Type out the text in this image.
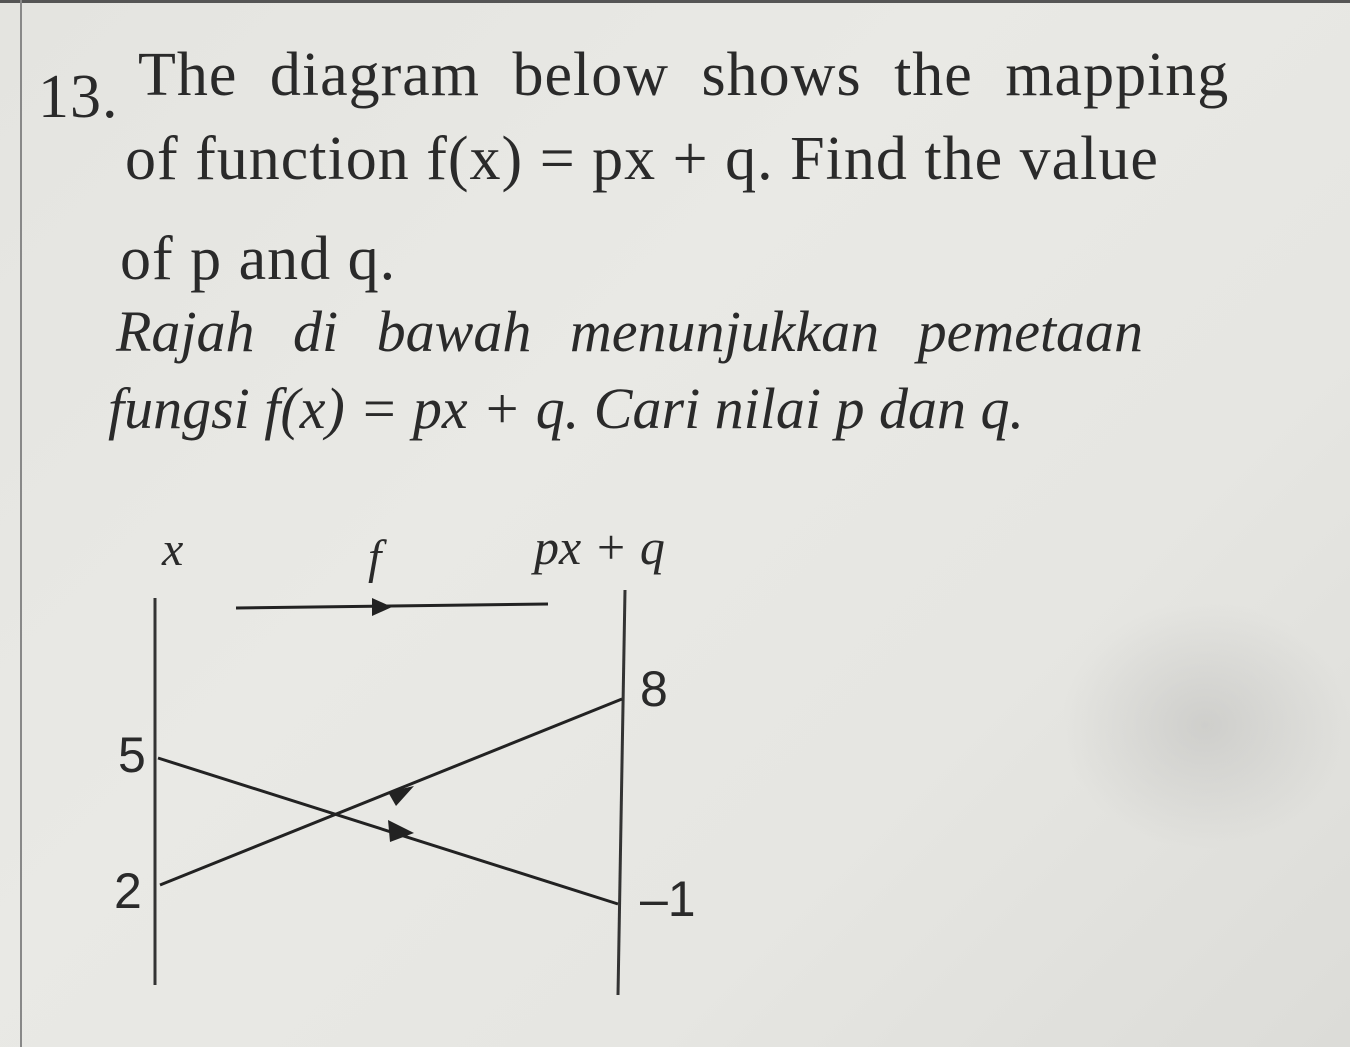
13. The diagram below shows the mapping
of function f(x) = px + q. Find the value
of p and q.
Rajah di bawah menunjukkan pemetaan
fungsi f(x) = px + q. Cari nilai p dan q.
x	f	px + q
5
2
8
–1
